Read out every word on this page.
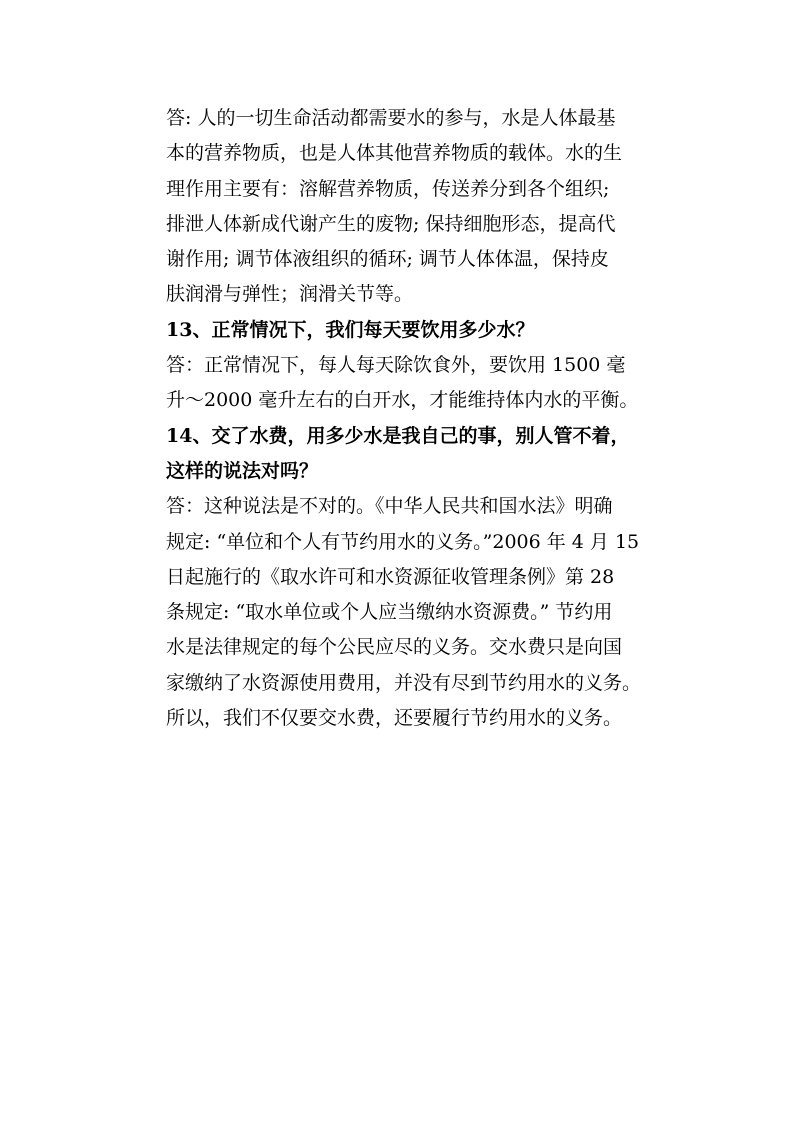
答: 人的一切生命活动都需要水的参与，水是人体最基

本的营养物质，也是人体其他营养物质的载体。水的生

理作用主要有：溶解营养物质，传送养分到各个组织;

排泄人体新成代谢产生的废物; 保持细胞形态，提高代

谢作用; 调节体液组织的循环; 调节人体体温，保持皮

肤润滑与弹性；润滑关节等。

13、正常情况下，我们每天要饮用多少水？

答：正常情况下，每人每天除饮食外，要饮用 1500 毫

升～2000 毫升左右的白开水，才能维持体内水的平衡。

14、交了水费，用多少水是我自己的事，别人管不着，

这样的说法对吗？

答：这种说法是不对的。《中华人民共和国水法》明确

规定: “单位和个人有节约用水的义务。”2006 年 4 月 15

日起施行的《取水许可和水资源征收管理条例》第 28

条规定: “取水单位或个人应当缴纳水资源费。” 节约用

水是法律规定的每个公民应尽的义务。交水费只是向国

家缴纳了水资源使用费用，并没有尽到节约用水的义务。

所以，我们不仅要交水费，还要履行节约用水的义务。
